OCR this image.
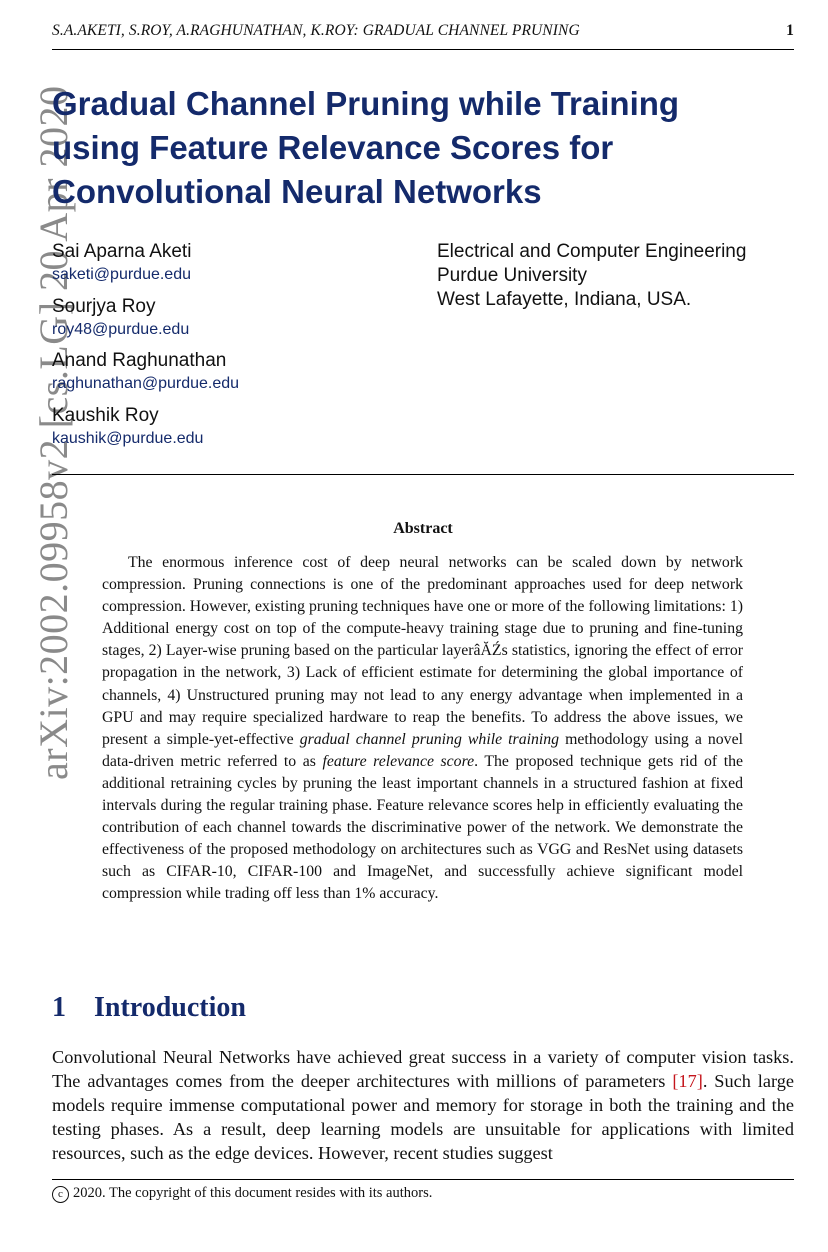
S.A.AKETI, S.ROY, A.RAGHUNATHAN, K.ROY: GRADUAL CHANNEL PRUNING	1
arXiv:2002.09958v2 [cs.LG] 20 Apr 2020
Gradual Channel Pruning while Training
using Feature Relevance Scores for
Convolutional Neural Networks
Sai Aparna Aketi
saketi@purdue.edu
Sourjya Roy
roy48@purdue.edu
Anand Raghunathan
raghunathan@purdue.edu
Kaushik Roy
kaushik@purdue.edu
Electrical and Computer Engineering
Purdue University
West Lafayette, Indiana, USA.
Abstract

The enormous inference cost of deep neural networks can be scaled down by network compression. Pruning connections is one of the predominant approaches used for deep network compression. However, existing pruning techniques have one or more of the following limitations: 1) Additional energy cost on top of the compute-heavy training stage due to pruning and fine-tuning stages, 2) Layer-wise pruning based on the particular layerâĂŹs statistics, ignoring the effect of error propagation in the network, 3) Lack of efficient estimate for determining the global importance of channels, 4) Unstructured pruning may not lead to any energy advantage when implemented in a GPU and may require specialized hardware to reap the benefits. To address the above issues, we present a simple-yet-effective gradual channel pruning while training methodology using a novel data-driven metric referred to as feature relevance score. The proposed technique gets rid of the additional retraining cycles by pruning the least important channels in a structured fashion at fixed intervals during the regular training phase. Feature relevance scores help in efficiently evaluating the contribution of each channel towards the discriminative power of the network. We demonstrate the effectiveness of the proposed methodology on architectures such as VGG and ResNet using datasets such as CIFAR-10, CIFAR-100 and ImageNet, and successfully achieve significant model compression while trading off less than 1% accuracy.

1 Introduction

Convolutional Neural Networks have achieved great success in a variety of computer vision tasks. The advantages comes from the deeper architectures with millions of parameters [17]. Such large models require immense computational power and memory for storage in both the training and the testing phases. As a result, deep learning models are unsuitable for applications with limited resources, such as the edge devices. However, recent studies suggest

c 2020. The copyright of this document resides with its authors.
